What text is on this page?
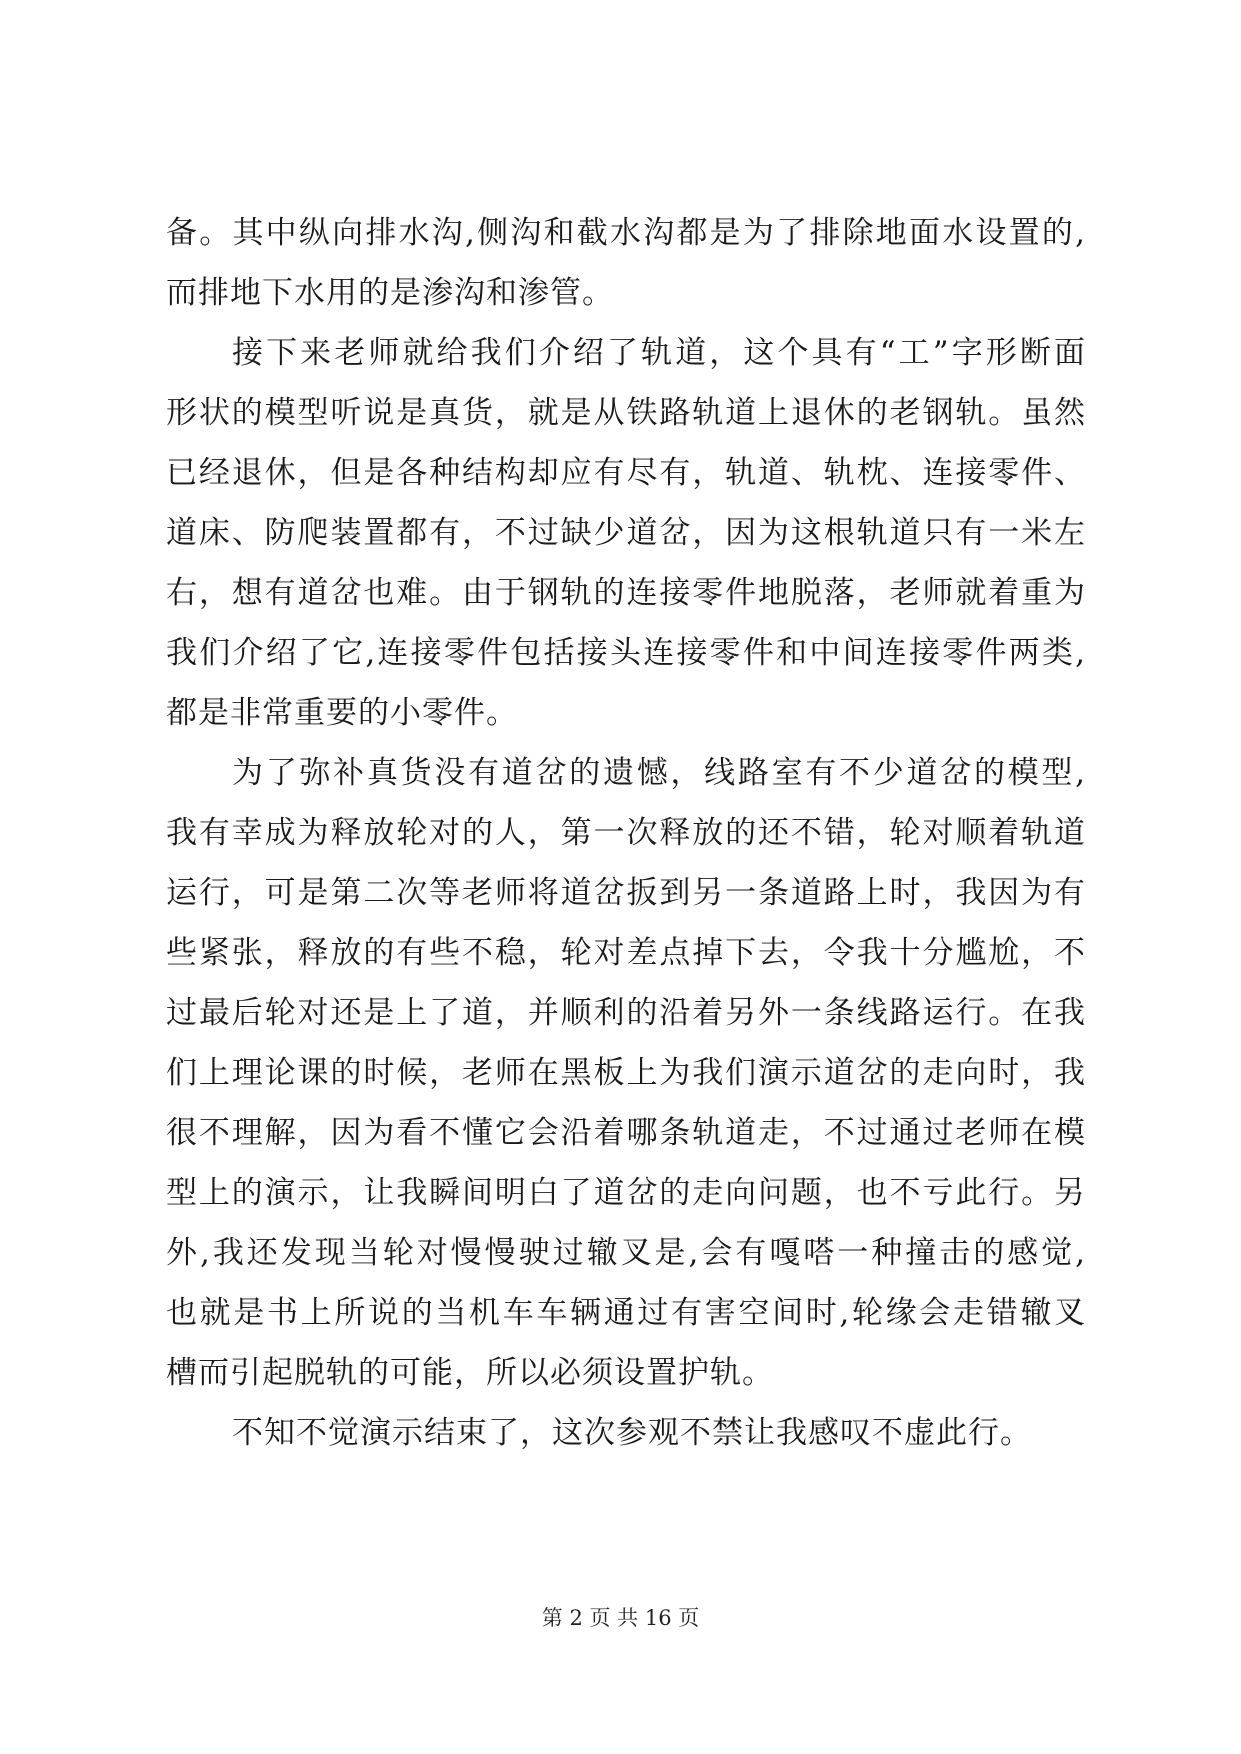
备。其中纵向排水沟,侧沟和截水沟都是为了排除地面水设置的,
而排地下水用的是渗沟和渗管。
接下来老师就给我们介绍了轨道，这个具有“工”字形断面
形状的模型听说是真货，就是从铁路轨道上退休的老钢轨。虽然
已经退休，但是各种结构却应有尽有，轨道、轨枕、连接零件、
道床、防爬装置都有，不过缺少道岔，因为这根轨道只有一米左
右，想有道岔也难。由于钢轨的连接零件地脱落，老师就着重为
我们介绍了它,连接零件包括接头连接零件和中间连接零件两类,
都是非常重要的小零件。
为了弥补真货没有道岔的遗憾，线路室有不少道岔的模型,
我有幸成为释放轮对的人，第一次释放的还不错，轮对顺着轨道
运行，可是第二次等老师将道岔扳到另一条道路上时，我因为有
些紧张，释放的有些不稳，轮对差点掉下去，令我十分尴尬，不
过最后轮对还是上了道，并顺利的沿着另外一条线路运行。在我
们上理论课的时候，老师在黑板上为我们演示道岔的走向时，我
很不理解，因为看不懂它会沿着哪条轨道走，不过通过老师在模
型上的演示，让我瞬间明白了道岔的走向问题，也不亏此行。另
外,我还发现当轮对慢慢驶过辙叉是,会有嘎嗒一种撞击的感觉,
也就是书上所说的当机车车辆通过有害空间时,轮缘会走错辙叉
槽而引起脱轨的可能，所以必须设置护轨。
不知不觉演示结束了，这次参观不禁让我感叹不虚此行。
第 2 页 共 16 页
